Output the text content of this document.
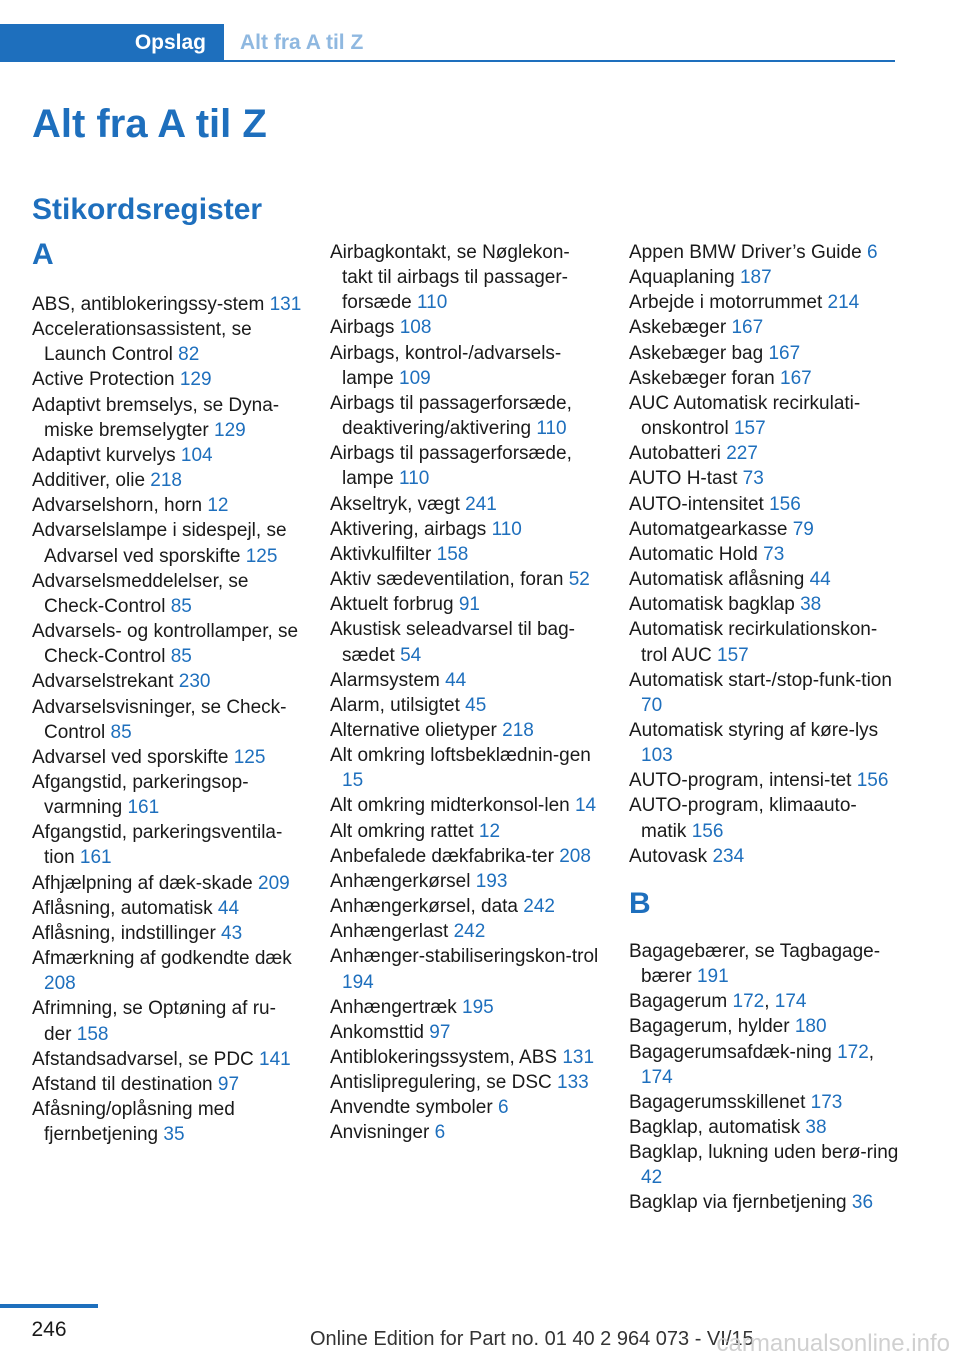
Opslag Alt fra A til Z
Alt fra A til Z
Stikordsregister
A
ABS, antiblokeringssy‐stem 131
Accelerationsassistent, se Launch Control 82
Active Protection 129
Adaptivt bremselys, se Dyna‐miske bremselygter 129
Adaptivt kurvelys 104
Additiver, olie 218
Advarselshorn, horn 12
Advarselslampe i sidespejl, se Advarsel ved sporskifte 125
Advarselsmeddelelser, se Check-Control 85
Advarsels- og kontrollamper, se Check-Control 85
Advarselstrekant 230
Advarselsvisninger, se Check-Control 85
Advarsel ved sporskifte 125
Afgangstid, parkeringsop‐varmning 161
Afgangstid, parkeringsventila‐tion 161
Afhjælpning af dæk‐skade 209
Aflåsning, automatisk 44
Aflåsning, indstillinger 43
Afmærkning af godkendte dæk 208
Afrimning, se Optøning af ru‐der 158
Afstandsadvarsel, se PDC 141
Afstand til destination 97
Afåsning/oplåsning med fjernbetjening 35
Airbagkontakt, se Nøglekon‐takt til airbags til passager‐forsæde 110
Airbags 108
Airbags, kontrol-/advarsels‐lampe 109
Airbags til passagerforsæde, deaktivering/aktivering 110
Airbags til passagerforsæde, lampe 110
Akseltryk, vægt 241
Aktivering, airbags 110
Aktivkulfilter 158
Aktiv sædeventilation, foran 52
Aktuelt forbrug 91
Akustisk seleadvarsel til bag‐sædet 54
Alarmsystem 44
Alarm, utilsigtet 45
Alternative olietyper 218
Alt omkring loftsbeklædnin‐gen 15
Alt omkring midterkonsol‐len 14
Alt omkring rattet 12
Anbefalede dækfabrika‐ter 208
Anhængerkørsel 193
Anhængerkørsel, data 242
Anhængerlast 242
Anhænger-stabiliseringskon‐trol 194
Anhængertræk 195
Ankomsttid 97
Antiblokeringssystem, ABS 131
Antislipregulering, se DSC 133
Anvendte symboler 6
Anvisninger 6
Appen BMW Driver’s Guide 6
Aquaplaning 187
Arbejde i motorrummet 214
Askebæger 167
Askebæger bag 167
Askebæger foran 167
AUC Automatisk recirkulati‐onskontrol 157
Autobatteri 227
AUTO H-tast 73
AUTO-intensitet 156
Automatgearkasse 79
Automatic Hold 73
Automatisk aflåsning 44
Automatisk bagklap 38
Automatisk recirkulationskon‐trol AUC 157
Automatisk start-/stop-funk‐tion 70
Automatisk styring af køre‐lys 103
AUTO-program, intensi‐tet 156
AUTO-program, klimaauto‐matik 156
Autovask 234
B
Bagagebærer, se Tagbagage‐bærer 191
Bagagerum 172, 174
Bagagerum, hylder 180
Bagagerumsafdæk‐ning 172, 174
Bagagerumsskillenet 173
Bagklap, automatisk 38
Bagklap, lukning uden berø‐ring 42
Bagklap via fjernbetjening 36
246	Online Edition for Part no. 01 40 2 964 073 - VI/15
carmanualsonline.info
